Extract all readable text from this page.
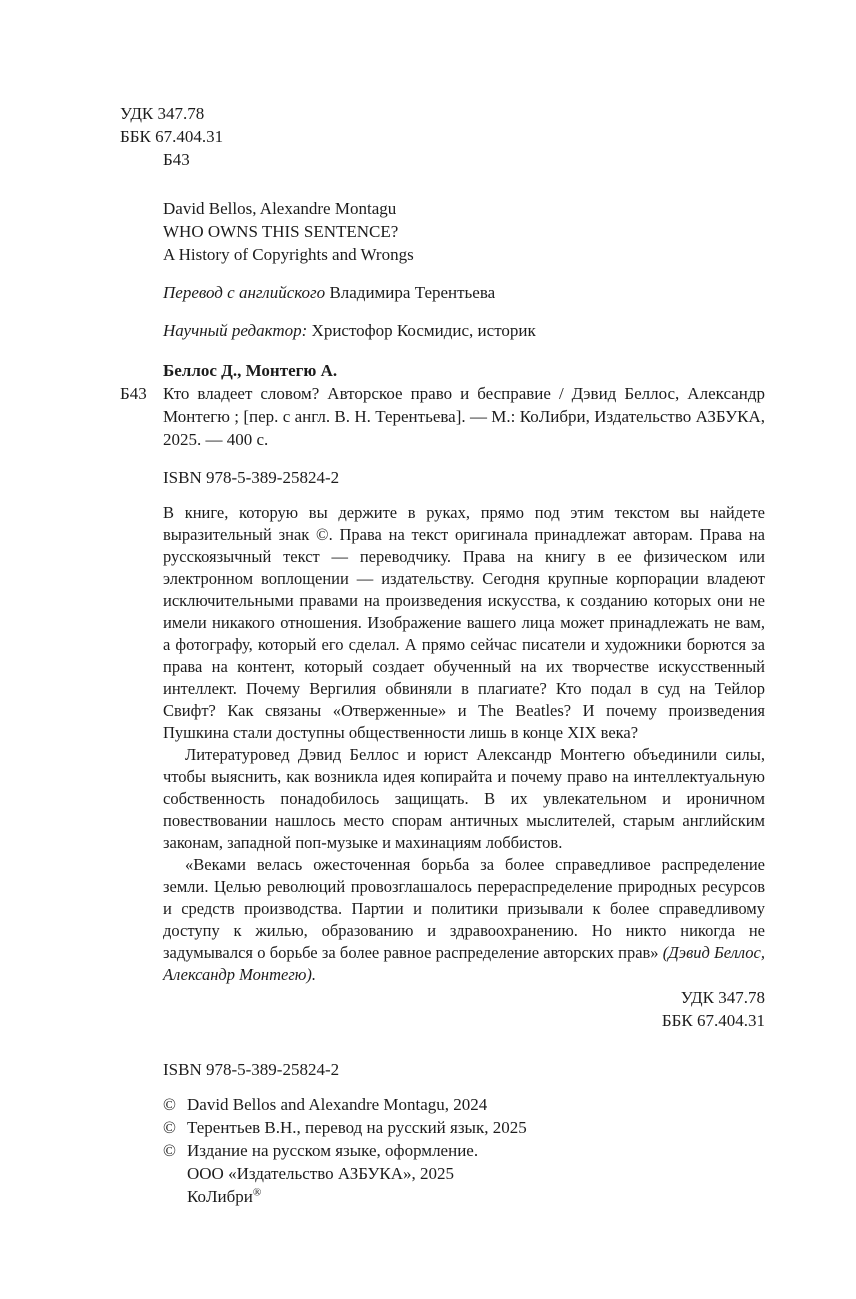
УДК 347.78
ББК 67.404.31
Б43
David Bellos, Alexandre Montagu
WHO OWNS THIS SENTENCE?
A History of Copyrights and Wrongs
Перевод с английского Владимира Терентьева
Научный редактор: Христофор Космидис, историк
Беллос Д., Монтегю А.
Б43 Кто владеет словом? Авторское право и бесправие / Дэвид Беллос, Александр Монтегю ; [пер. с англ. В. Н. Терентьева]. — М.: КоЛибри, Издательство АЗБУКА, 2025. — 400 с.
ISBN 978-5-389-25824-2

В книге, которую вы держите в руках, прямо под этим текстом вы найдете выразительный знак ©. Права на текст оригинала принадлежат авторам. Права на русскоязычный текст — переводчику. Права на книгу в ее физическом или электронном воплощении — издательству. Сегодня крупные корпорации владеют исключительными правами на произведения искусства, к созданию которых они не имели никакого отношения. Изображение вашего лица может принадлежать не вам, а фотографу, который его сделал. А прямо сейчас писатели и художники борются за права на контент, который создает обученный на их творчестве искусственный интеллект. Почему Вергилия обвиняли в плагиате? Кто подал в суд на Тейлор Свифт? Как связаны «Отверженные» и The Beatles? И почему произведения Пушкина стали доступны общественности лишь в конце XIX века?

Литературовед Дэвид Беллос и юрист Александр Монтегю объединили силы, чтобы выяснить, как возникла идея копирайта и почему право на интеллектуальную собственность понадобилось защищать. В их увлекательном и ироничном повествовании нашлось место спорам античных мыслителей, старым английским законам, западной поп-музыке и махинациям лоббистов.

«Веками велась ожесточенная борьба за более справедливое распределение земли. Целью революций провозглашалось перераспределение природных ресурсов и средств производства. Партии и политики призывали к более справедливому доступу к жилью, образованию и здравоохранению. Но никто никогда не задумывался о борьбе за более равное распределение авторских прав» (Дэвид Беллос, Александр Монтегю).

УДК 347.78
ББК 67.404.31
ISBN 978-5-389-25824-2
© David Bellos and Alexandre Montagu, 2024
© Терентьев В.Н., перевод на русский язык, 2025
© Издание на русском языке, оформление.
ООО «Издательство АЗБУКА», 2025
КоЛибри®
